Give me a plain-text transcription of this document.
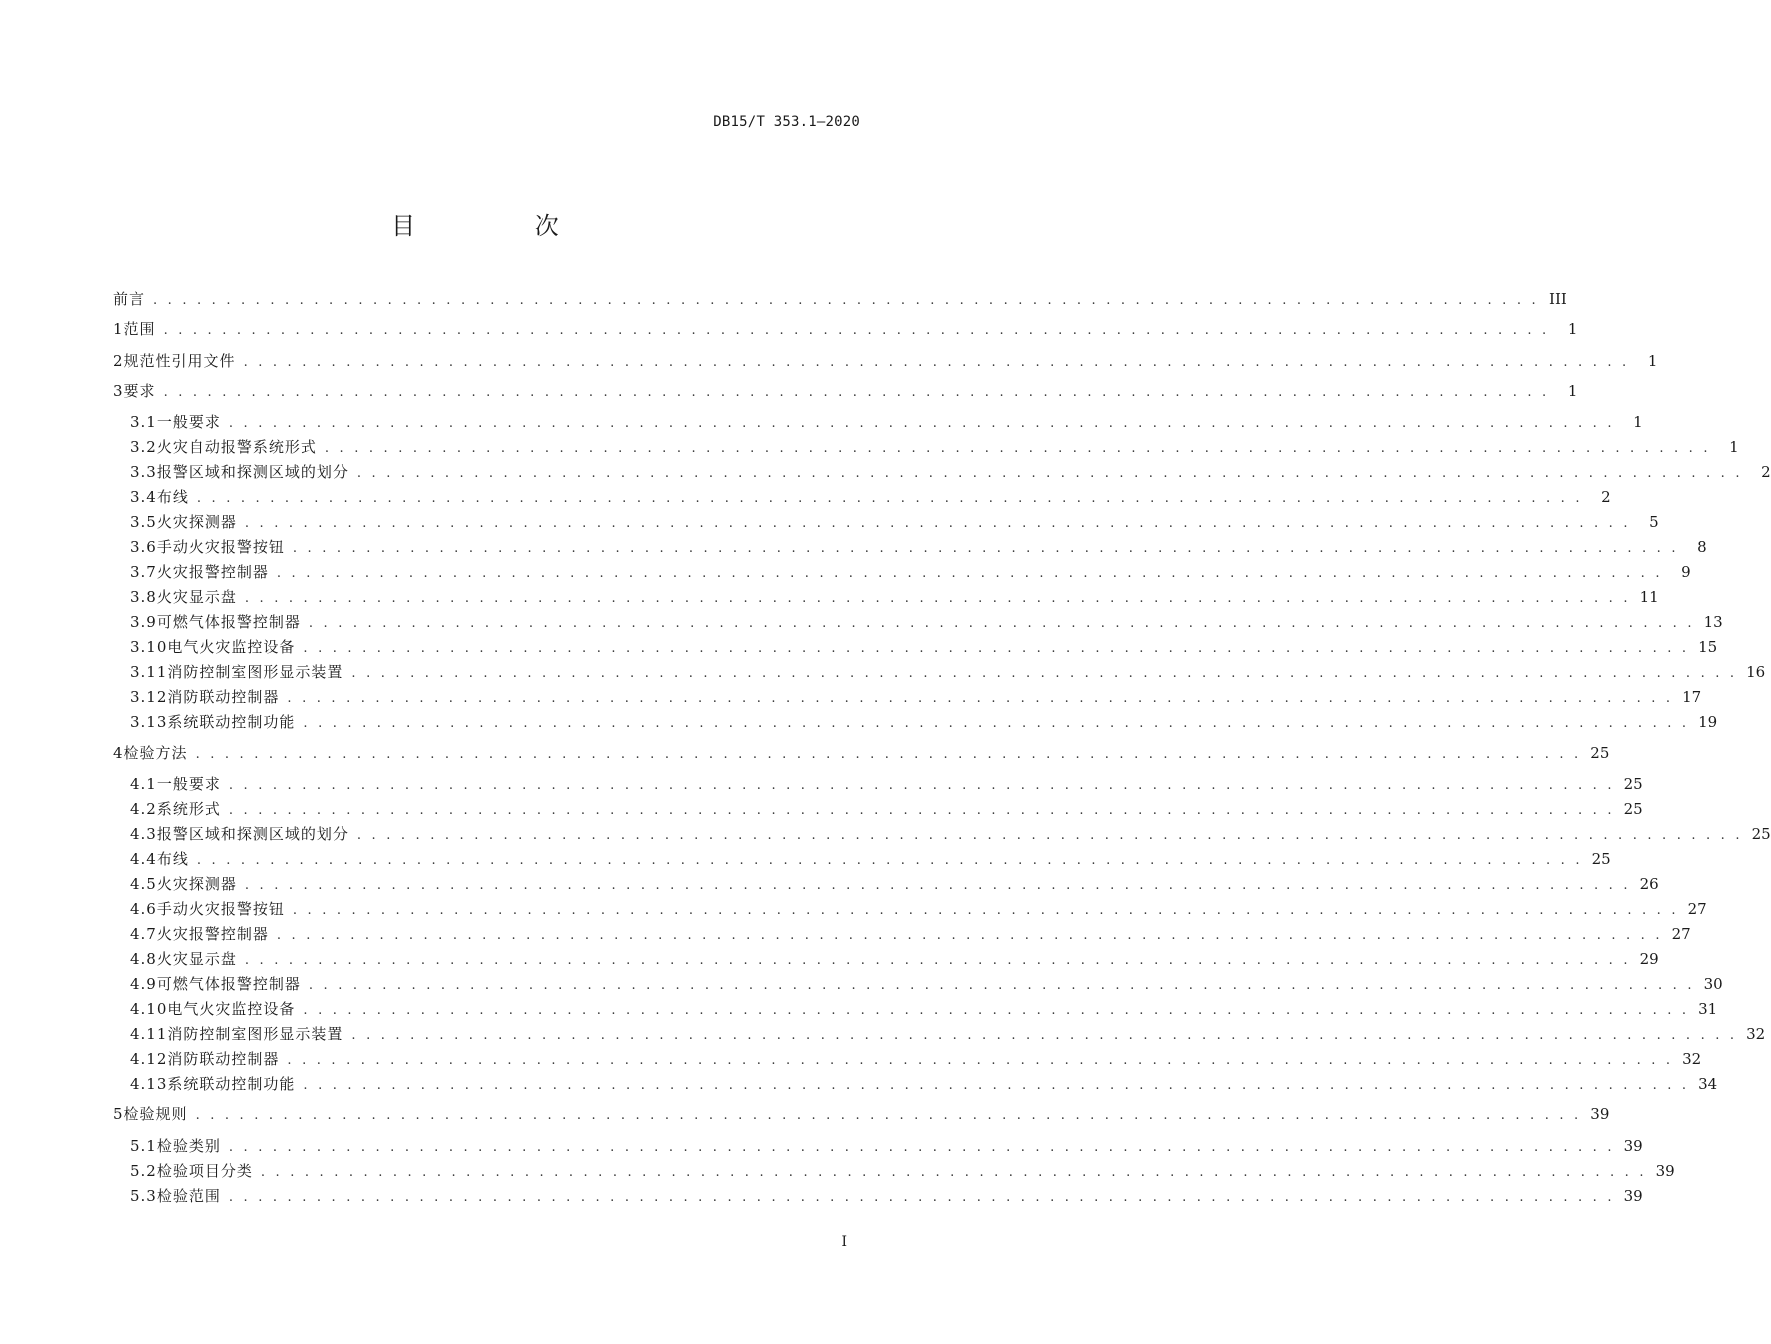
DB15/T 353.1—2020
目 次
前言 . . . . . . . . . . . . . . . . . . . . . . . . . . . . . . . . . . . . . . . . . . . . . . . . . . . . . . . . . . . . . . . . . . . . . . . . . . . . . . . . . . . . . . . . . . . . . . . III
1 范围 . . . . . . . . . . . . . . . . . . . . . . . . . . . . . . . . . . . . . . . . . . . . . . . . . . . . . . . . . . . . . . . . . . . . . . . . . . . . . . . . . . . . . . . . . . . . . . .	1
2 规范性引用文件 . . . . . . . . . . . . . . . . . . . . . . . . . . . . . . . . . . . . . . . . . . . . . . . . . . . . . . . . . . . . . . . . . . . . . . . . . . . . . . . . . . . . . . . . . . . . . . .	1
3 要求 . . . . . . . . . . . . . . . . . . . . . . . . . . . . . . . . . . . . . . . . . . . . . . . . . . . . . . . . . . . . . . . . . . . . . . . . . . . . . . . . . . . . . . . . . . . . . . .	1
3.1 一般要求 . . . . . . . . . . . . . . . . . . . . . . . . . . . . . . . . . . . . . . . . . . . . . . . . . . . . . . . . . . . . . . . . . . . . . . . . . . . . . . . . . . . . . . . . . . . . . . .	1
3.2 火灾自动报警系统形式 . . . . . . . . . . . . . . . . . . . . . . . . . . . . . . . . . . . . . . . . . . . . . . . . . . . . . . . . . . . . . . . . . . . . . . . . . . . . . . . . . . . . . . . . . . . . . . .	1
3.3 报警区域和探测区域的划分 . . . . . . . . . . . . . . . . . . . . . . . . . . . . . . . . . . . . . . . . . . . . . . . . . . . . . . . . . . . . . . . . . . . . . . . . . . . . . . . . . . . . . . . . . . . . . . .	2
3.4 布线 . . . . . . . . . . . . . . . . . . . . . . . . . . . . . . . . . . . . . . . . . . . . . . . . . . . . . . . . . . . . . . . . . . . . . . . . . . . . . . . . . . . . . . . . . . . . . . .	2
3.5 火灾探测器 . . . . . . . . . . . . . . . . . . . . . . . . . . . . . . . . . . . . . . . . . . . . . . . . . . . . . . . . . . . . . . . . . . . . . . . . . . . . . . . . . . . . . . . . . . . . . . .	5
3.6 手动火灾报警按钮 . . . . . . . . . . . . . . . . . . . . . . . . . . . . . . . . . . . . . . . . . . . . . . . . . . . . . . . . . . . . . . . . . . . . . . . . . . . . . . . . . . . . . . . . . . . . . . .	8
3.7 火灾报警控制器 . . . . . . . . . . . . . . . . . . . . . . . . . . . . . . . . . . . . . . . . . . . . . . . . . . . . . . . . . . . . . . . . . . . . . . . . . . . . . . . . . . . . . . . . . . . . . . .	9
3.8 火灾显示盘 . . . . . . . . . . . . . . . . . . . . . . . . . . . . . . . . . . . . . . . . . . . . . . . . . . . . . . . . . . . . . . . . . . . . . . . . . . . . . . . . . . . . . . . . . . . . . . . 11
3.9 可燃气体报警控制器 . . . . . . . . . . . . . . . . . . . . . . . . . . . . . . . . . . . . . . . . . . . . . . . . . . . . . . . . . . . . . . . . . . . . . . . . . . . . . . . . . . . . . . . . . . . . . . . 13
3.10 电气火灾监控设备 . . . . . . . . . . . . . . . . . . . . . . . . . . . . . . . . . . . . . . . . . . . . . . . . . . . . . . . . . . . . . . . . . . . . . . . . . . . . . . . . . . . . . . . . . . . . . . . 15
3.11 消防控制室图形显示装置 . . . . . . . . . . . . . . . . . . . . . . . . . . . . . . . . . . . . . . . . . . . . . . . . . . . . . . . . . . . . . . . . . . . . . . . . . . . . . . . . . . . . . . . . . . . . . . . 16
3.12 消防联动控制器 . . . . . . . . . . . . . . . . . . . . . . . . . . . . . . . . . . . . . . . . . . . . . . . . . . . . . . . . . . . . . . . . . . . . . . . . . . . . . . . . . . . . . . . . . . . . . . . 17
3.13 系统联动控制功能 . . . . . . . . . . . . . . . . . . . . . . . . . . . . . . . . . . . . . . . . . . . . . . . . . . . . . . . . . . . . . . . . . . . . . . . . . . . . . . . . . . . . . . . . . . . . . . . 19
4 检验方法 . . . . . . . . . . . . . . . . . . . . . . . . . . . . . . . . . . . . . . . . . . . . . . . . . . . . . . . . . . . . . . . . . . . . . . . . . . . . . . . . . . . . . . . . . . . . . . . 25
4.1 一般要求 . . . . . . . . . . . . . . . . . . . . . . . . . . . . . . . . . . . . . . . . . . . . . . . . . . . . . . . . . . . . . . . . . . . . . . . . . . . . . . . . . . . . . . . . . . . . . . . 25
4.2 系统形式 . . . . . . . . . . . . . . . . . . . . . . . . . . . . . . . . . . . . . . . . . . . . . . . . . . . . . . . . . . . . . . . . . . . . . . . . . . . . . . . . . . . . . . . . . . . . . . . 25
4.3 报警区域和探测区域的划分 . . . . . . . . . . . . . . . . . . . . . . . . . . . . . . . . . . . . . . . . . . . . . . . . . . . . . . . . . . . . . . . . . . . . . . . . . . . . . . . . . . . . . . . . . . . . . . . 25
4.4 布线 . . . . . . . . . . . . . . . . . . . . . . . . . . . . . . . . . . . . . . . . . . . . . . . . . . . . . . . . . . . . . . . . . . . . . . . . . . . . . . . . . . . . . . . . . . . . . . . 25
4.5 火灾探测器 . . . . . . . . . . . . . . . . . . . . . . . . . . . . . . . . . . . . . . . . . . . . . . . . . . . . . . . . . . . . . . . . . . . . . . . . . . . . . . . . . . . . . . . . . . . . . . . 26
4.6 手动火灾报警按钮 . . . . . . . . . . . . . . . . . . . . . . . . . . . . . . . . . . . . . . . . . . . . . . . . . . . . . . . . . . . . . . . . . . . . . . . . . . . . . . . . . . . . . . . . . . . . . . . 27
4.7 火灾报警控制器 . . . . . . . . . . . . . . . . . . . . . . . . . . . . . . . . . . . . . . . . . . . . . . . . . . . . . . . . . . . . . . . . . . . . . . . . . . . . . . . . . . . . . . . . . . . . . . . 27
4.8 火灾显示盘 . . . . . . . . . . . . . . . . . . . . . . . . . . . . . . . . . . . . . . . . . . . . . . . . . . . . . . . . . . . . . . . . . . . . . . . . . . . . . . . . . . . . . . . . . . . . . . . 29
4.9 可燃气体报警控制器 . . . . . . . . . . . . . . . . . . . . . . . . . . . . . . . . . . . . . . . . . . . . . . . . . . . . . . . . . . . . . . . . . . . . . . . . . . . . . . . . . . . . . . . . . . . . . . . 30
4.10 电气火灾监控设备 . . . . . . . . . . . . . . . . . . . . . . . . . . . . . . . . . . . . . . . . . . . . . . . . . . . . . . . . . . . . . . . . . . . . . . . . . . . . . . . . . . . . . . . . . . . . . . . 31
4.11 消防控制室图形显示装置 . . . . . . . . . . . . . . . . . . . . . . . . . . . . . . . . . . . . . . . . . . . . . . . . . . . . . . . . . . . . . . . . . . . . . . . . . . . . . . . . . . . . . . . . . . . . . . . 32
4.12 消防联动控制器 . . . . . . . . . . . . . . . . . . . . . . . . . . . . . . . . . . . . . . . . . . . . . . . . . . . . . . . . . . . . . . . . . . . . . . . . . . . . . . . . . . . . . . . . . . . . . . . 32
4.13 系统联动控制功能 . . . . . . . . . . . . . . . . . . . . . . . . . . . . . . . . . . . . . . . . . . . . . . . . . . . . . . . . . . . . . . . . . . . . . . . . . . . . . . . . . . . . . . . . . . . . . . . 34
5 检验规则 . . . . . . . . . . . . . . . . . . . . . . . . . . . . . . . . . . . . . . . . . . . . . . . . . . . . . . . . . . . . . . . . . . . . . . . . . . . . . . . . . . . . . . . . . . . . . . . 39
5.1 检验类别 . . . . . . . . . . . . . . . . . . . . . . . . . . . . . . . . . . . . . . . . . . . . . . . . . . . . . . . . . . . . . . . . . . . . . . . . . . . . . . . . . . . . . . . . . . . . . . . 39
5.2 检验项目分类 . . . . . . . . . . . . . . . . . . . . . . . . . . . . . . . . . . . . . . . . . . . . . . . . . . . . . . . . . . . . . . . . . . . . . . . . . . . . . . . . . . . . . . . . . . . . . . . 39
5.3 检验范围 . . . . . . . . . . . . . . . . . . . . . . . . . . . . . . . . . . . . . . . . . . . . . . . . . . . . . . . . . . . . . . . . . . . . . . . . . . . . . . . . . . . . . . . . . . . . . . . 39
I
